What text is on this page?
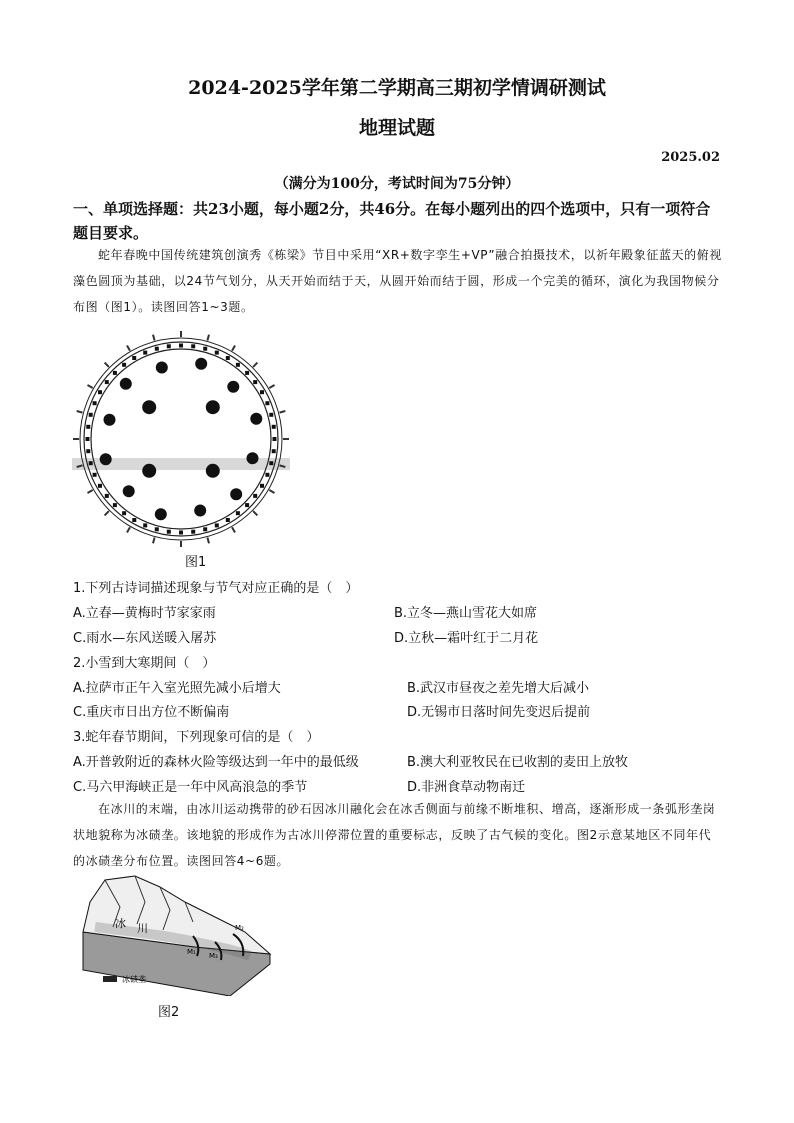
2024-2025学年第二学期高三期初学情调研测试
地理试题
2025.02
（满分为100分，考试时间为75分钟）
一、单项选择题：共23小题，每小题2分，共46分。在每小题列出的四个选项中，只有一项符合题目要求。
蛇年春晚中国传统建筑创演秀《栋梁》节目中采用“XR+数字孪生+VP”融合拍摄技术，以祈年殿象征蓝天的俯视藻色圆顶为基础，以24节气划分，从天开始而结于天，从圆开始而结于圆，形成一个完美的循环，演化为我国物候分布图（图1）。读图回答1~3题。
图1
1.下列古诗词描述现象与节气对应正确的是（　）
A.立春—黄梅时节家家雨	B.立冬—燕山雪花大如席
C.雨水—东风送暖入屠苏	D.立秋—霜叶红于二月花
2.小雪到大寒期间（　）
A.拉萨市正午入室光照先减小后增大	B.武汉市昼夜之差先增大后减小
C.重庆市日出方位不断偏南	D.无锡市日落时间先变迟后提前
3.蛇年春节期间，下列现象可信的是（　）
A.开普敦附近的森林火险等级达到一年中的最低级	B.澳大利亚牧民在已收割的麦田上放牧
C.马六甲海峡正是一年中风高浪急的季节	D.非洲食草动物南迁
在冰川的末端，由冰川运动携带的砂石因冰川融化会在冰舌侧面与前缘不断堆积、增高，逐渐形成一条弧形垄岗状地貌称为冰碛垄。该地貌的形成作为古冰川停滞位置的重要标志，反映了古气候的变化。图2示意某地区不同年代的冰碛垄分布位置。读图回答4~6题。
冰 川
M₁
M₂
M₃
冰碛垄
图2
